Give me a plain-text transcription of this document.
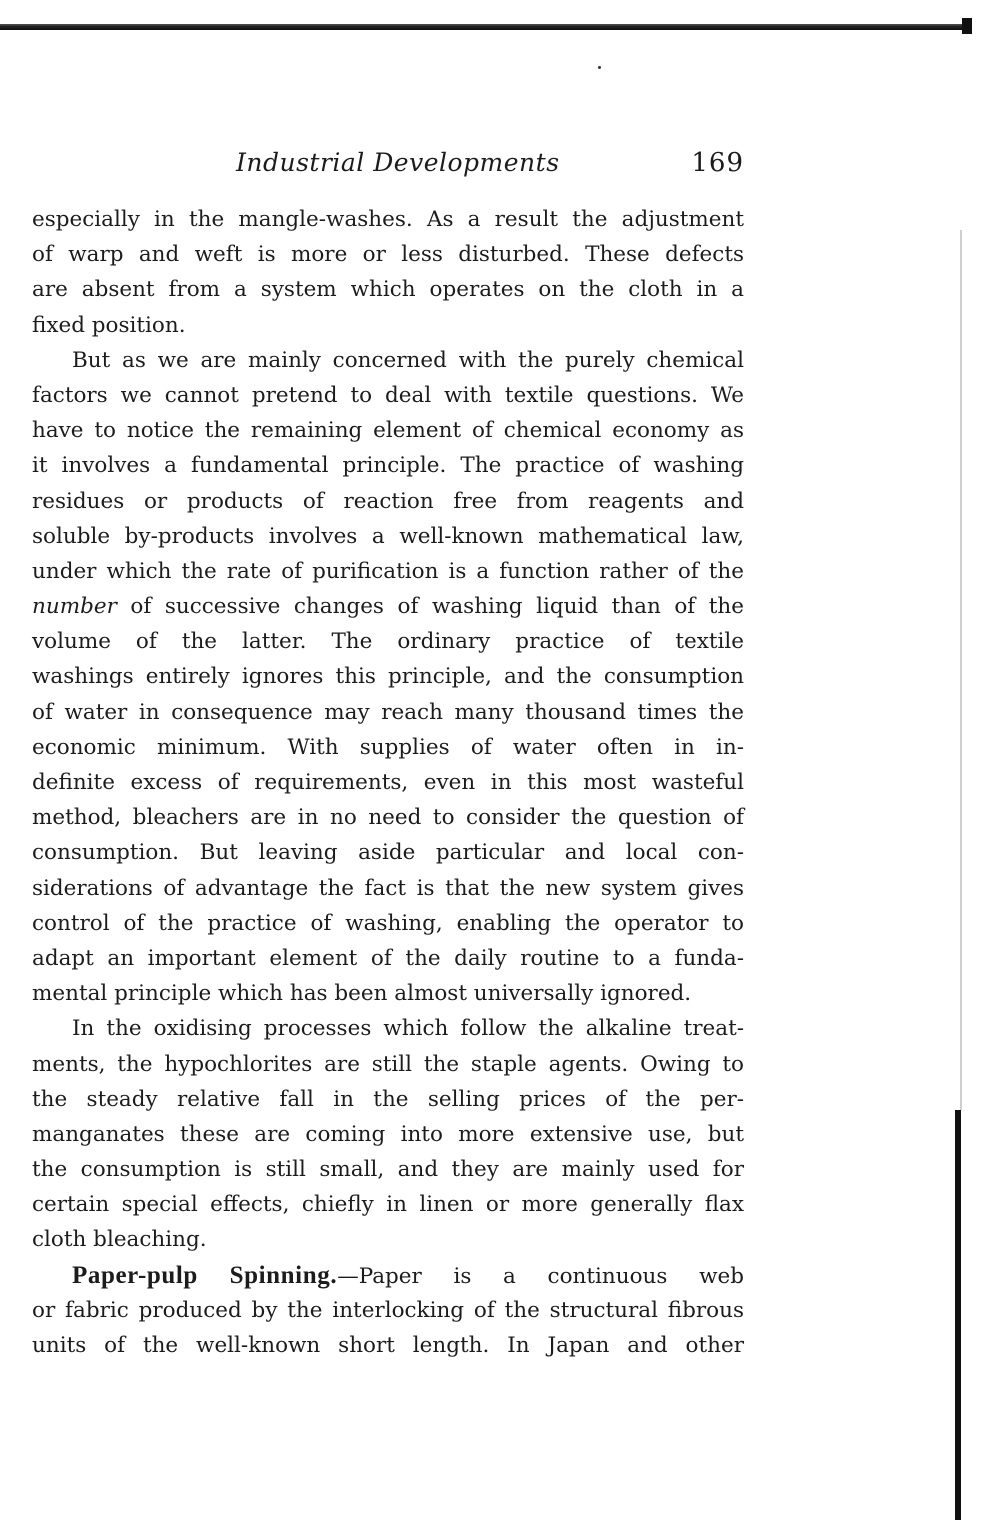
Industrial Developments	169
especially in the mangle-washes. As a result the adjustment
of warp and weft is more or less disturbed. These defects
are absent from a system which operates on the cloth in a
fixed position.
But as we are mainly concerned with the purely chemical
factors we cannot pretend to deal with textile questions. We
have to notice the remaining element of chemical economy as
it involves a fundamental principle. The practice of washing
residues or products of reaction free from reagents and
soluble by-products involves a well-known mathematical law,
under which the rate of purification is a function rather of the
number of successive changes of washing liquid than of the
volume of the latter. The ordinary practice of textile
washings entirely ignores this principle, and the consumption
of water in consequence may reach many thousand times the
economic minimum. With supplies of water often in in-
definite excess of requirements, even in this most wasteful
method, bleachers are in no need to consider the question of
consumption. But leaving aside particular and local con-
siderations of advantage the fact is that the new system gives
control of the practice of washing, enabling the operator to
adapt an important element of the daily routine to a funda-
mental principle which has been almost universally ignored.
In the oxidising processes which follow the alkaline treat-
ments, the hypochlorites are still the staple agents. Owing to
the steady relative fall in the selling prices of the per-
manganates these are coming into more extensive use, but
the consumption is still small, and they are mainly used for
certain special effects, chiefly in linen or more generally flax
cloth bleaching.
Paper-pulp Spinning.—Paper is a continuous web
or fabric produced by the interlocking of the structural fibrous
units of the well-known short length. In Japan and other
